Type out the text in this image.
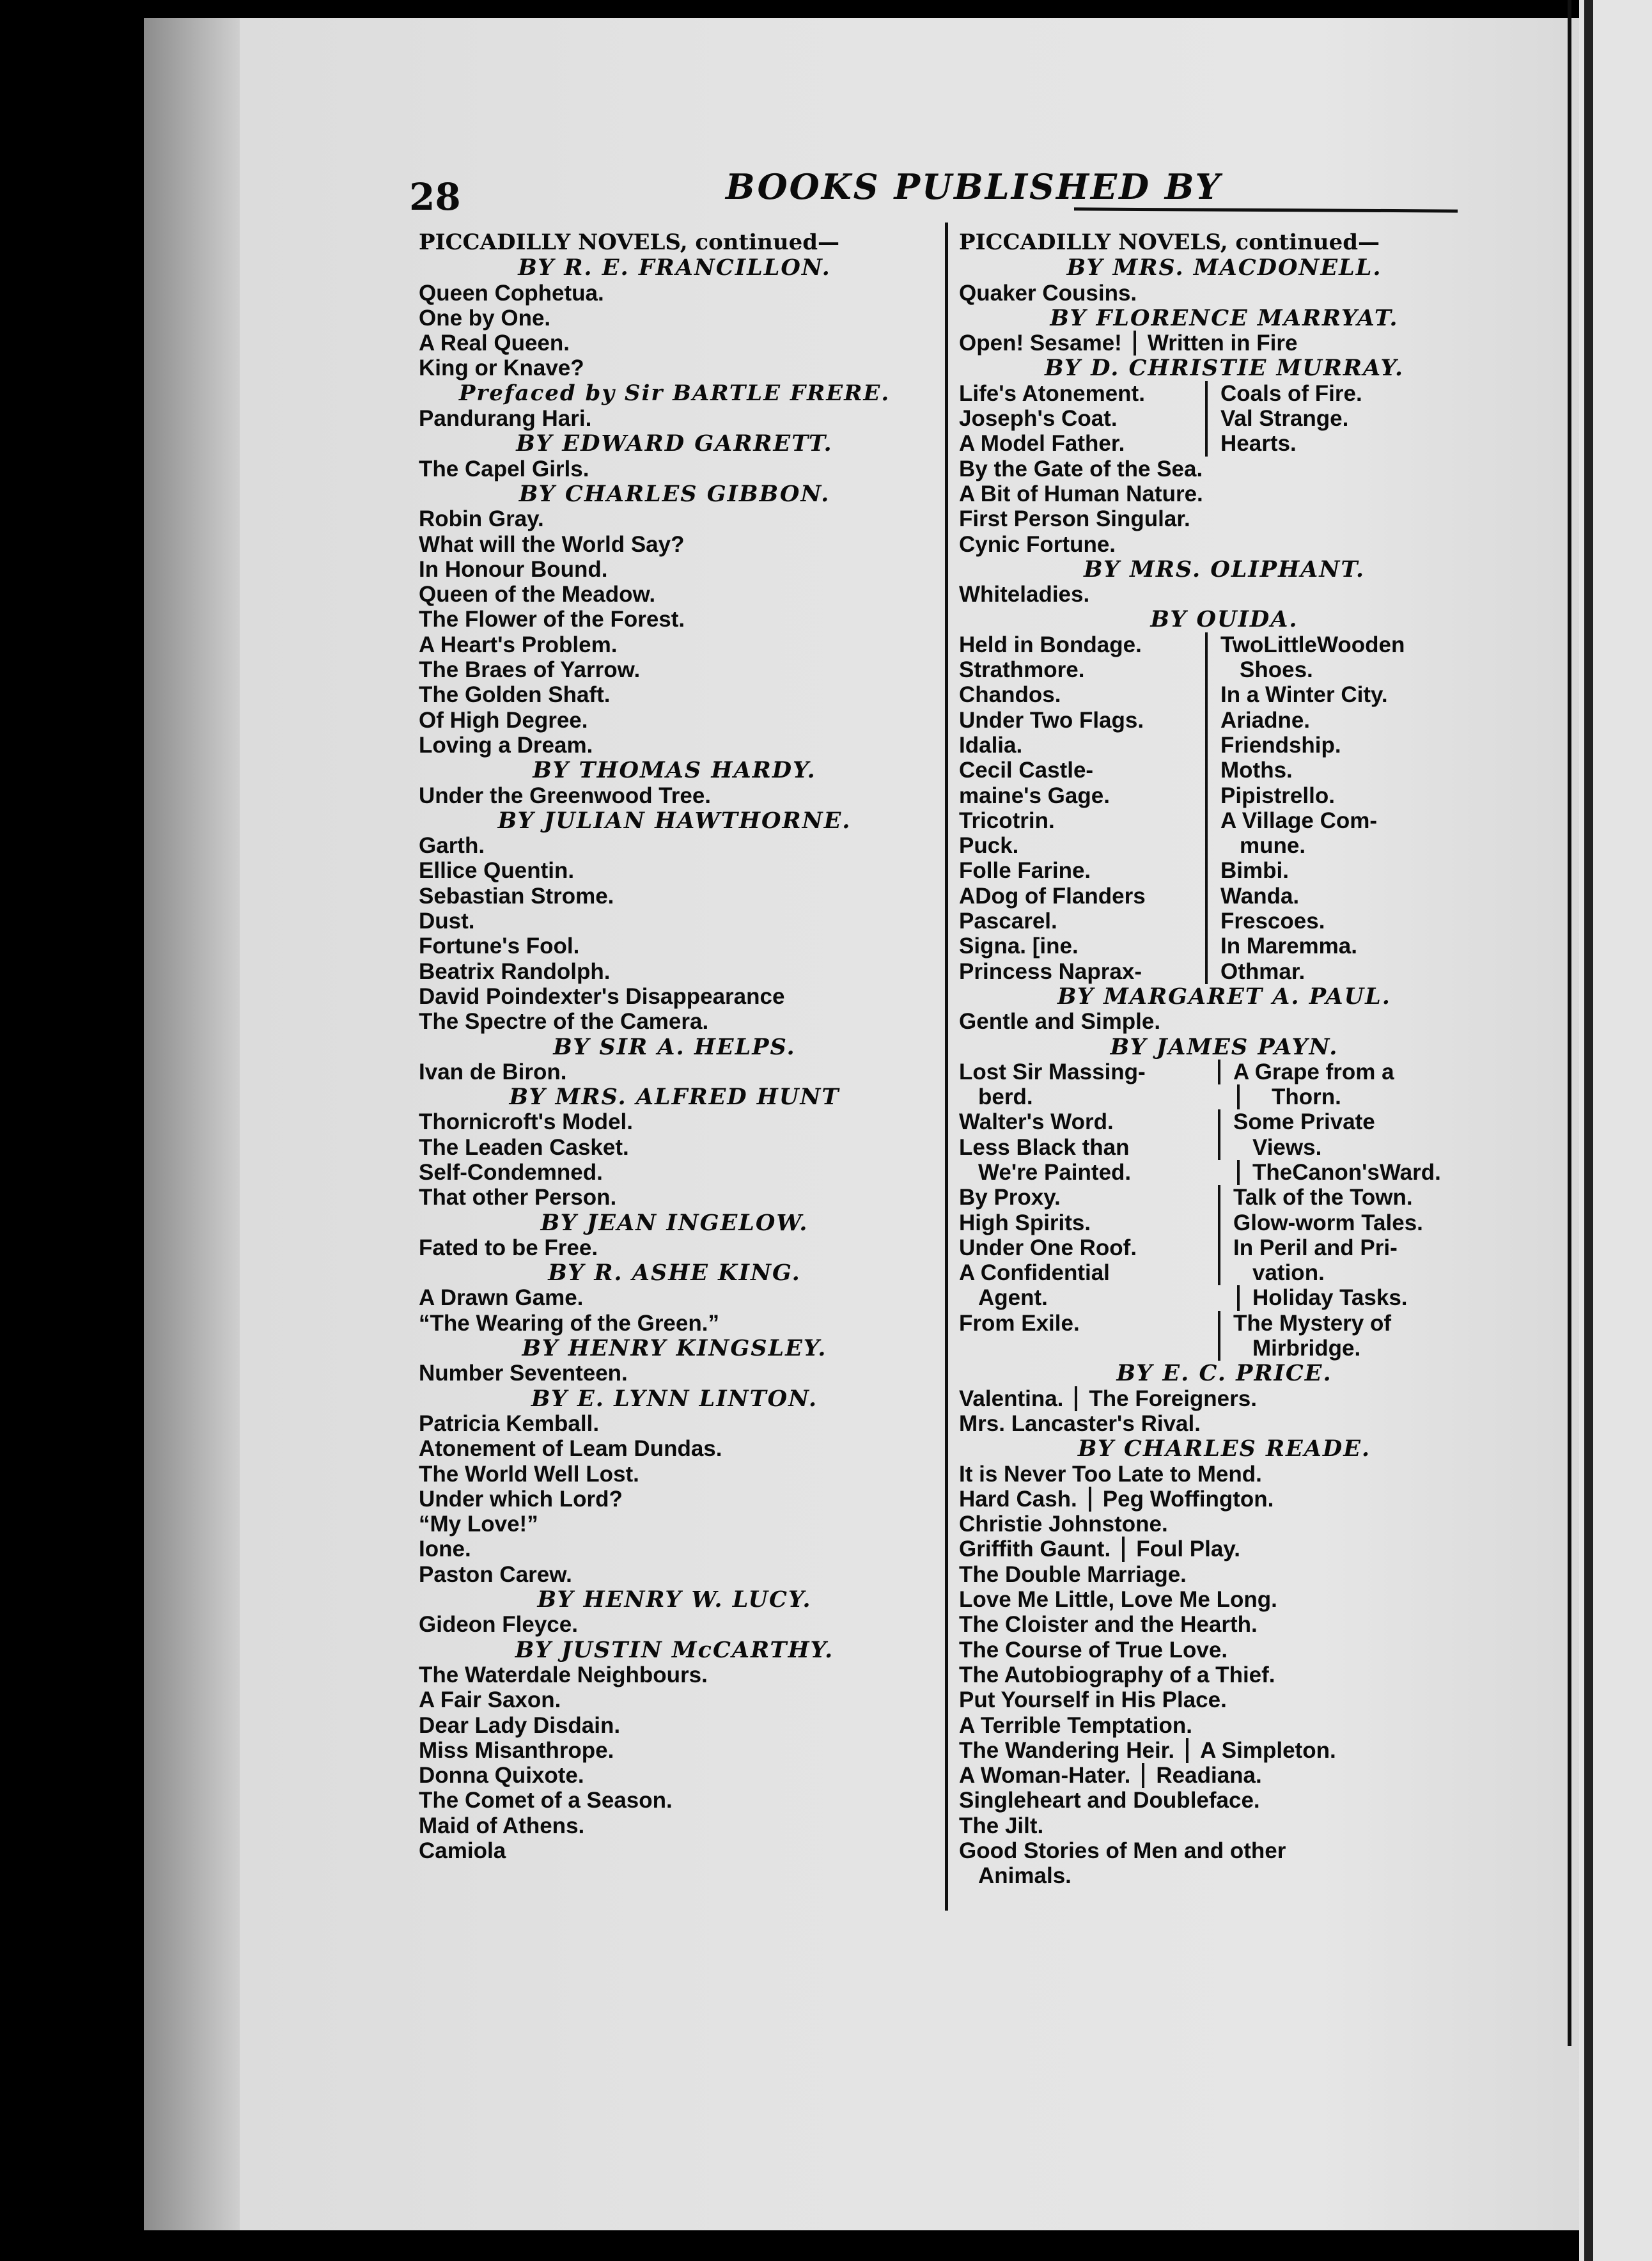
28	BOOKS PUBLISHED BY
PICCADILLY NOVELS, continued—
BY R. E. FRANCILLON.
Queen Cophetua.
One by One.
A Real Queen.
King or Knave?
Prefaced by Sir BARTLE FRERE.
Pandurang Hari.
BY EDWARD GARRETT.
The Capel Girls.
BY CHARLES GIBBON.
Robin Gray.
What will the World Say?
In Honour Bound.
Queen of the Meadow.
The Flower of the Forest.
A Heart's Problem.
The Braes of Yarrow.
The Golden Shaft.
Of High Degree.
Loving a Dream.
BY THOMAS HARDY.
Under the Greenwood Tree.
BY JULIAN HAWTHORNE.
Garth.
Ellice Quentin.
Sebastian Strome.
Dust.
Fortune's Fool.
Beatrix Randolph.
David Poindexter's Disappearance
The Spectre of the Camera.
BY SIR A. HELPS.
Ivan de Biron.
BY MRS. ALFRED HUNT
Thornicroft's Model.
The Leaden Casket.
Self-Condemned.
That other Person.
BY JEAN INGELOW.
Fated to be Free.
BY R. ASHE KING.
A Drawn Game.
“The Wearing of the Green.”
BY HENRY KINGSLEY.
Number Seventeen.
BY E. LYNN LINTON.
Patricia Kemball.
Atonement of Leam Dundas.
The World Well Lost.
Under which Lord?
“My Love!”
Ione.
Paston Carew.
BY HENRY W. LUCY.
Gideon Fleyce.
BY JUSTIN McCARTHY.
The Waterdale Neighbours.
A Fair Saxon.
Dear Lady Disdain.
Miss Misanthrope.
Donna Quixote.
The Comet of a Season.
Maid of Athens.
Camiola
PICCADILLY NOVELS, continued—
BY MRS. MACDONELL.
Quaker Cousins.
BY FLORENCE MARRYAT.
Open! Sesame! Written in Fire
BY D. CHRISTIE MURRAY.
Life's Atonement.	Coals of Fire.
Joseph's Coat.	Val Strange.
A Model Father.	Hearts.
By the Gate of the Sea.
A Bit of Human Nature.
First Person Singular.
Cynic Fortune.
BY MRS. OLIPHANT.
Whiteladies.
BY OUIDA.
Held in Bondage.	TwoLittleWooden
Strathmore.	Shoes.
Chandos.	In a Winter City.
Under Two Flags.	Ariadne.
Idalia.	Friendship.
Cecil Castle-	Moths.
maine's Gage.	Pipistrello.
Tricotrin.	A Village Com-
Puck.	mune.
Folle Farine.	Bimbi.
ADog of Flanders	Wanda.
Pascarel.	Frescoes.
Signa. [ine.	In Maremma.
Princess Naprax-	Othmar.
BY MARGARET A. PAUL.
Gentle and Simple.
BY JAMES PAYN.
Lost Sir Massing-	A Grape from a
berd.	Thorn.
Walter's Word.	Some Private
Less Black than	Views.
We're Painted.	TheCanon'sWard.
By Proxy.	Talk of the Town.
High Spirits.	Glow-worm Tales.
Under One Roof.	In Peril and Pri-
A Confidential	vation.
Agent.	Holiday Tasks.
From Exile.	The Mystery of
Mirbridge.
BY E. C. PRICE.
Valentina. The Foreigners.
Mrs. Lancaster's Rival.
BY CHARLES READE.
It is Never Too Late to Mend.
Hard Cash. Peg Woffington.
Christie Johnstone.
Griffith Gaunt. Foul Play.
The Double Marriage.
Love Me Little, Love Me Long.
The Cloister and the Hearth.
The Course of True Love.
The Autobiography of a Thief.
Put Yourself in His Place.
A Terrible Temptation.
The Wandering Heir. A Simpleton.
A Woman-Hater. Readiana.
Singleheart and Doubleface.
The Jilt.
Good Stories of Men and other
Animals.
